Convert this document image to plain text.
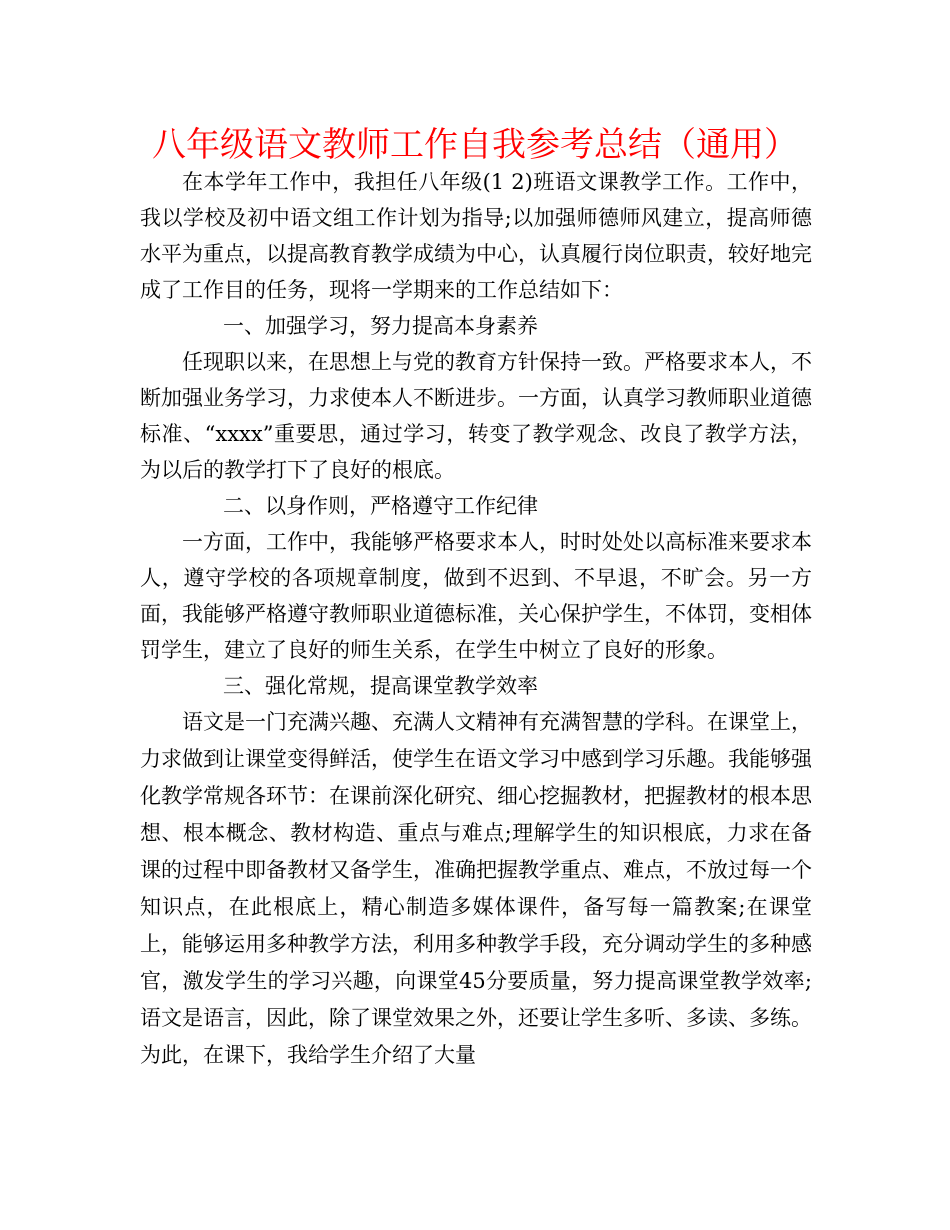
八年级语文教师工作自我参考总结（通用）

在本学年工作中，我担任八年级(1 2)班语文课教学工作。工作中，我以学校及初中语文组工作计划为指导;以加强师德师风建立，提高师德水平为重点，以提高教育教学成绩为中心，认真履行岗位职责，较好地完成了工作目的任务，现将一学期来的工作总结如下：

一、加强学习，努力提高本身素养

任现职以来，在思想上与党的教育方针保持一致。严格要求本人，不断加强业务学习，力求使本人不断进步。一方面，认真学习教师职业道德标准、“xxxx”重要思，通过学习，转变了教学观念、改良了教学方法，为以后的教学打下了良好的根底。

二、以身作则，严格遵守工作纪律

一方面，工作中，我能够严格要求本人，时时处处以高标准来要求本人，遵守学校的各项规章制度，做到不迟到、不早退，不旷会。另一方面，我能够严格遵守教师职业道德标准，关心保护学生，不体罚，变相体罚学生，建立了良好的师生关系，在学生中树立了良好的形象。

三、强化常规，提高课堂教学效率

语文是一门充满兴趣、充满人文精神有充满智慧的学科。在课堂上，力求做到让课堂变得鲜活，使学生在语文学习中感到学习乐趣。我能够强化教学常规各环节：在课前深化研究、细心挖掘教材，把握教材的根本思想、根本概念、教材构造、重点与难点;理解学生的知识根底，力求在备课的过程中即备教材又备学生，准确把握教学重点、难点，不放过每一个知识点，在此根底上，精心制造多媒体课件，备写每一篇教案;在课堂上，能够运用多种教学方法，利用多种教学手段，充分调动学生的多种感官，激发学生的学习兴趣，向课堂45分要质量，努力提高课堂教学效率;语文是语言，因此，除了课堂效果之外，还要让学生多听、多读、多练。为此，在课下，我给学生介绍了大量
